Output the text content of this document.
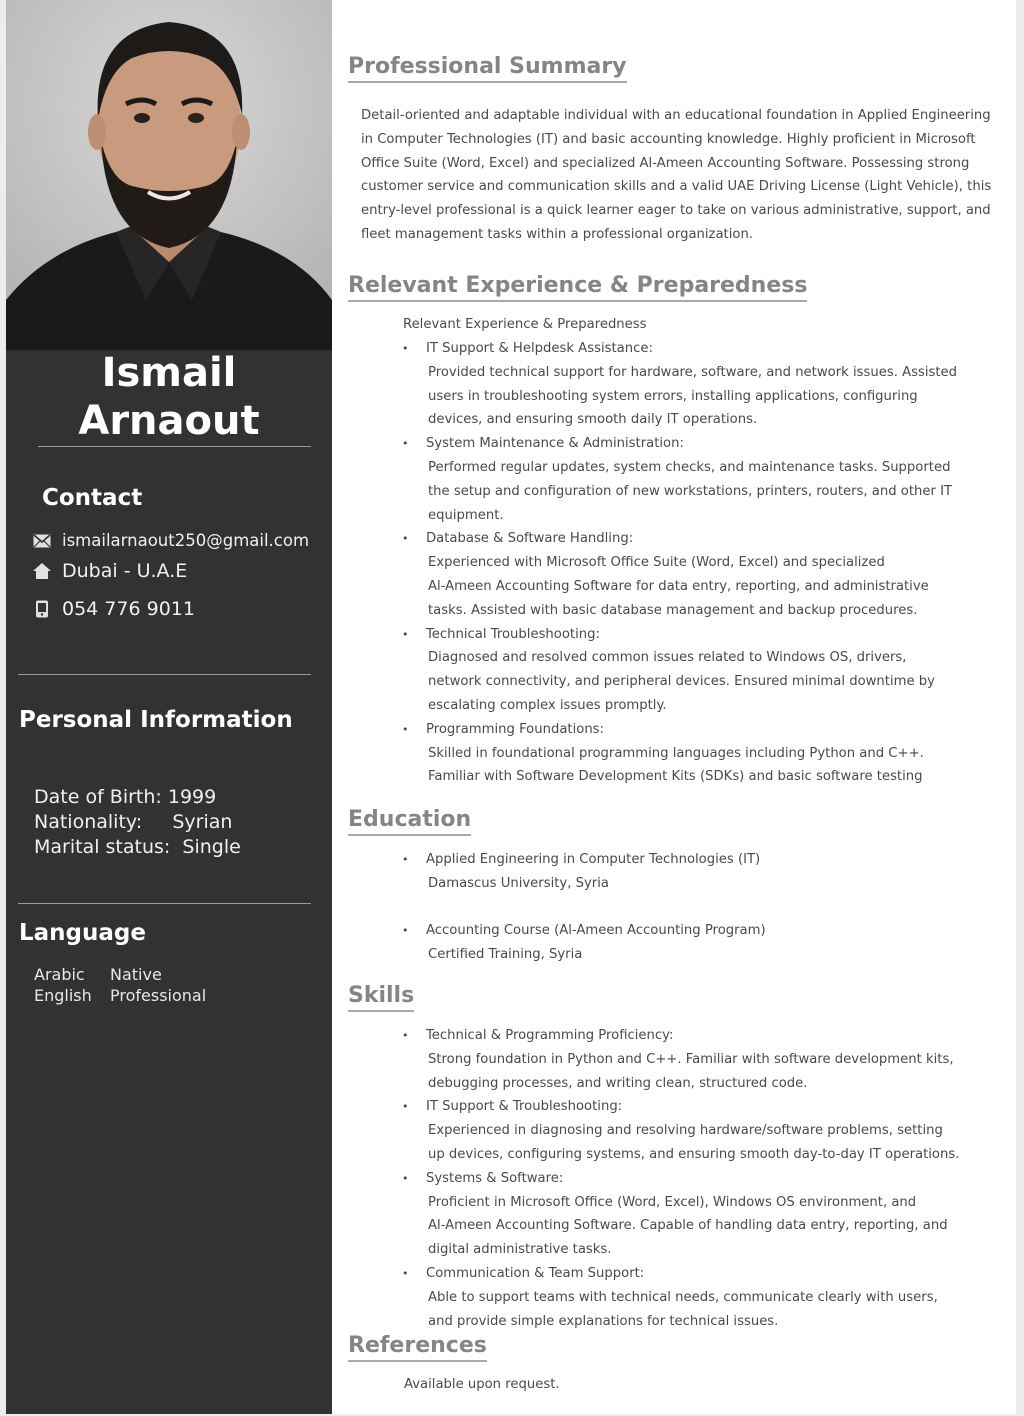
Ismail
Arnaout
Contact
ismailarnaout250@gmail.com
Dubai - U.A.E
054 776 9011
Personal Information
Date of Birth: 1999
Nationality:     Syrian
Marital status:  Single
Language
Arabic	Native
English	Professional
Professional Summary
Detail-oriented and adaptable individual with an educational foundation in Applied Engineering in Computer Technologies (IT) and basic accounting knowledge. Highly proficient in Microsoft Office Suite (Word, Excel) and specialized Al-Ameen Accounting Software. Possessing strong customer service and communication skills and a valid UAE Driving License (Light Vehicle), this entry-level professional is a quick learner eager to take on various administrative, support, and fleet management tasks within a professional organization.
Relevant Experience & Preparedness
Relevant Experience & Preparedness
• IT Support & Helpdesk Assistance:
Provided technical support for hardware, software, and network issues. Assisted
users in troubleshooting system errors, installing applications, configuring
devices, and ensuring smooth daily IT operations.
• System Maintenance & Administration:
Performed regular updates, system checks, and maintenance tasks. Supported
the setup and configuration of new workstations, printers, routers, and other IT
equipment.
• Database & Software Handling:
Experienced with Microsoft Office Suite (Word, Excel) and specialized
Al-Ameen Accounting Software for data entry, reporting, and administrative
tasks. Assisted with basic database management and backup procedures.
• Technical Troubleshooting:
Diagnosed and resolved common issues related to Windows OS, drivers,
network connectivity, and peripheral devices. Ensured minimal downtime by
escalating complex issues promptly.
• Programming Foundations:
Skilled in foundational programming languages including Python and C++.
Familiar with Software Development Kits (SDKs) and basic software testing
Education
• Applied Engineering in Computer Technologies (IT)
Damascus University, Syria
• Accounting Course (Al-Ameen Accounting Program)
Certified Training, Syria
Skills
• Technical & Programming Proficiency:
Strong foundation in Python and C++. Familiar with software development kits,
debugging processes, and writing clean, structured code.
• IT Support & Troubleshooting:
Experienced in diagnosing and resolving hardware/software problems, setting
up devices, configuring systems, and ensuring smooth day-to-day IT operations.
• Systems & Software:
Proficient in Microsoft Office (Word, Excel), Windows OS environment, and
Al-Ameen Accounting Software. Capable of handling data entry, reporting, and
digital administrative tasks.
• Communication & Team Support:
Able to support teams with technical needs, communicate clearly with users,
and provide simple explanations for technical issues.
References
Available upon request.
